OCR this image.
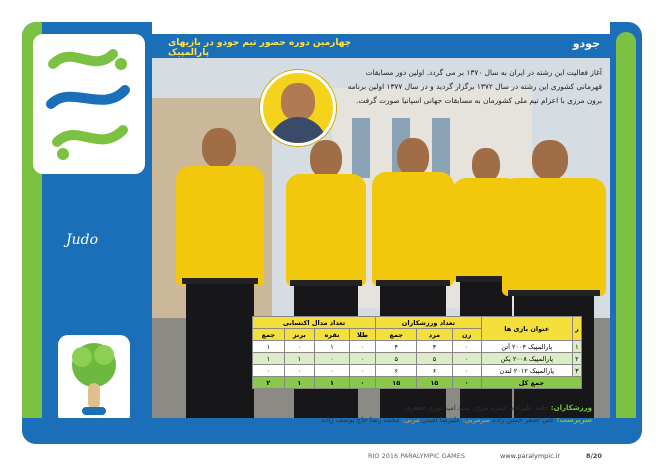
Judo
آغاز فعالیت این رشته در ایران به سال ۱۳۷۰ بر می گردد. اولین دور مسابقات قهرمانی کشوری این رشته در سال ۱۳۷۲ برگزار گردید و در سال ۱۳۷۷ اولین برنامه برون مرزی با اعزام تیم ملی کشورمان به مسابقات جهانی اسپانیا صورت گرفت.
ر	عنوان بازی ها	تعداد ورزشکاران			تعداد مدال اکتسابی			
		زن	مرد	جمع	طلا	نقره	برنز	جمع
۱	پارالمپیک ۲۰۰۴ آتن	۰	۴	۴	۰	۱	۰	۱
۲	پارالمپیک ۲۰۰۸ پکن	۰	۵	۵	۰	۰	۱	۱
۳	پارالمپیک ۲۰۱۲ لندن	۰	۶	۶	۰	۰	۰	۰
جمع کل		۰	۱۵	۱۵	۰	۱	۱	۲
چهارمین دوره حضور تیم جودو در بازیهای پارالمپیک
جودو
ورزشکاران: حامد علیزاده، حمزه نذری، سید امید نوری جعفری
سرپرست: علی اصغر حسن زاده سرمربی: علیرضا امینی مربی: محمد رضا حاج یوسف زاده
RIO 2016 PARALYMPIC GAMES	www.paralympic.ir	8/20
